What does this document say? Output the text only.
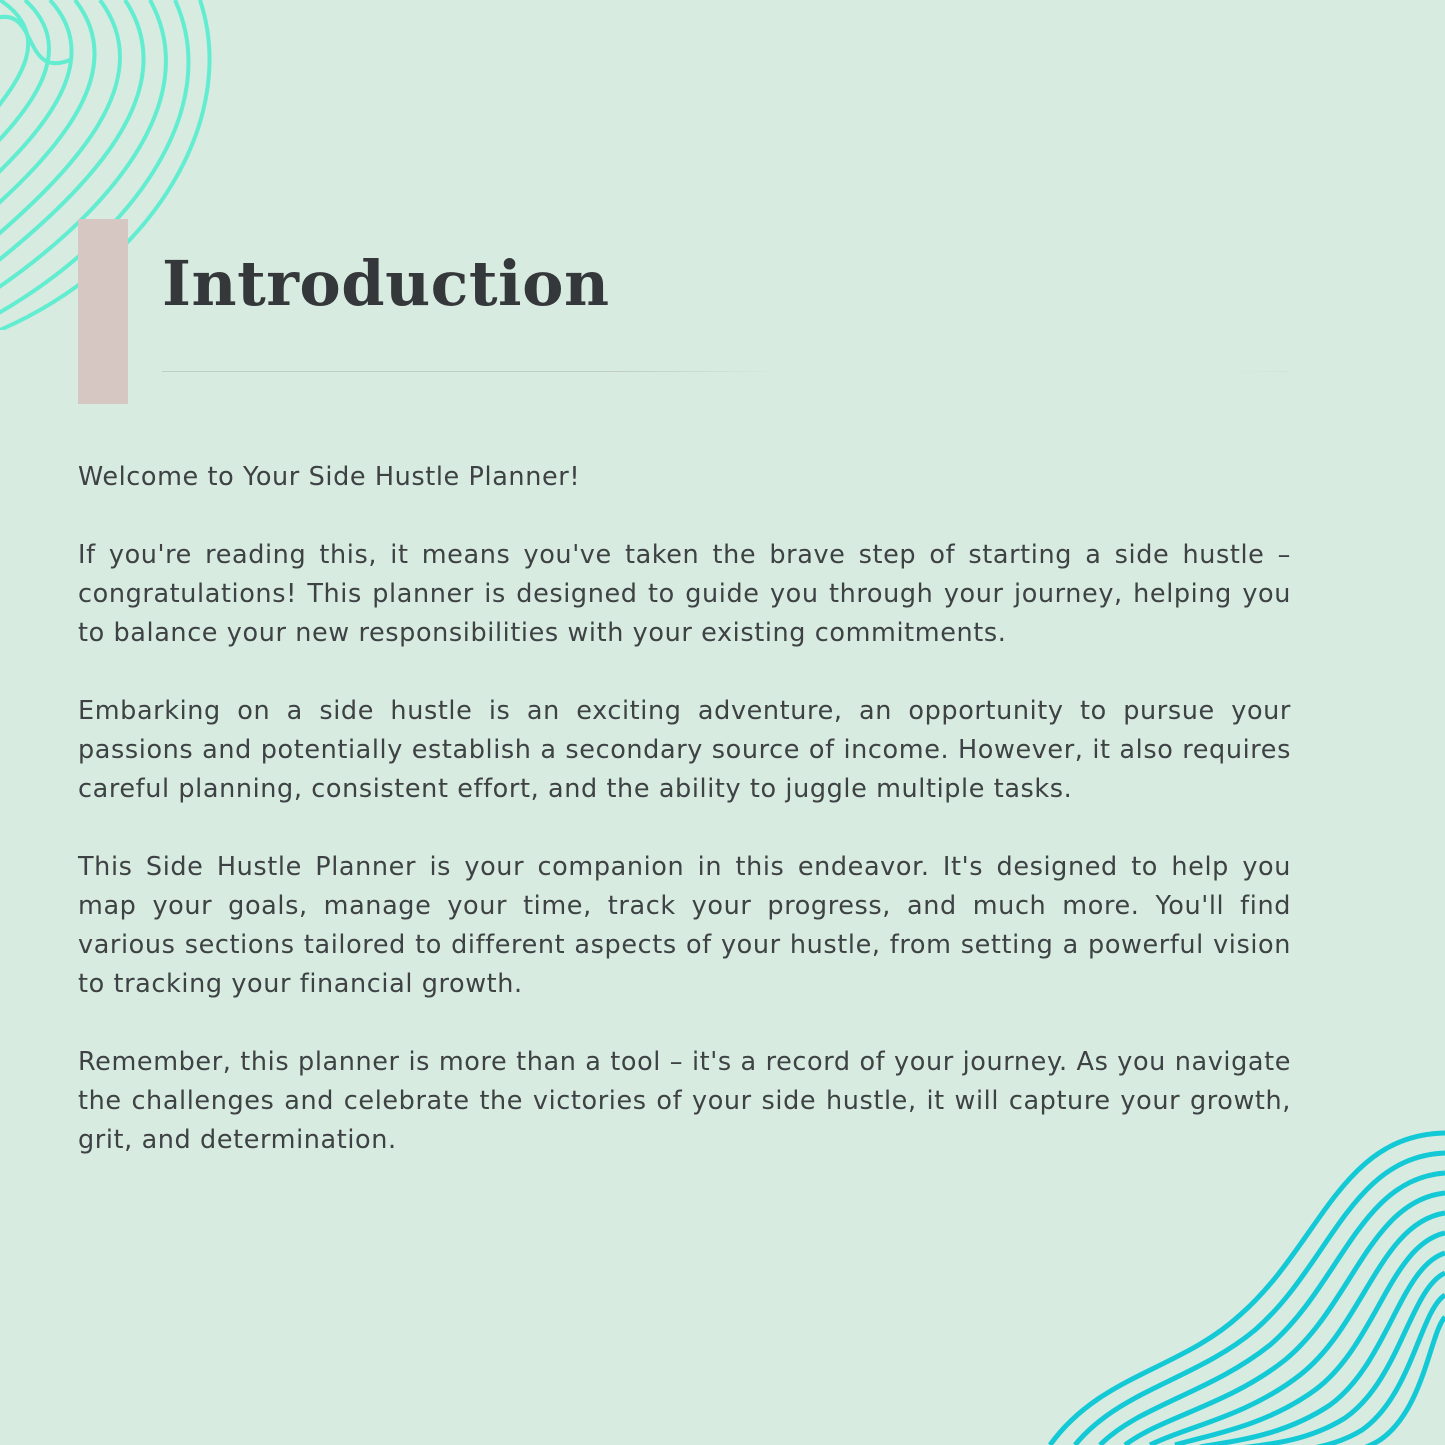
Introduction

Welcome to Your Side Hustle Planner!

If you're reading this, it means you've taken the brave step of starting a side hustle – congratulations! This planner is designed to guide you through your journey, helping you to balance your new responsibilities with your existing commitments.

Embarking on a side hustle is an exciting adventure, an opportunity to pursue your passions and potentially establish a secondary source of income. However, it also requires careful planning, consistent effort, and the ability to juggle multiple tasks.

This Side Hustle Planner is your companion in this endeavor. It's designed to help you map your goals, manage your time, track your progress, and much more. You'll find various sections tailored to different aspects of your hustle, from setting a powerful vision to tracking your financial growth.

Remember, this planner is more than a tool – it's a record of your journey. As you navigate the challenges and celebrate the victories of your side hustle, it will capture your growth, grit, and determination.
